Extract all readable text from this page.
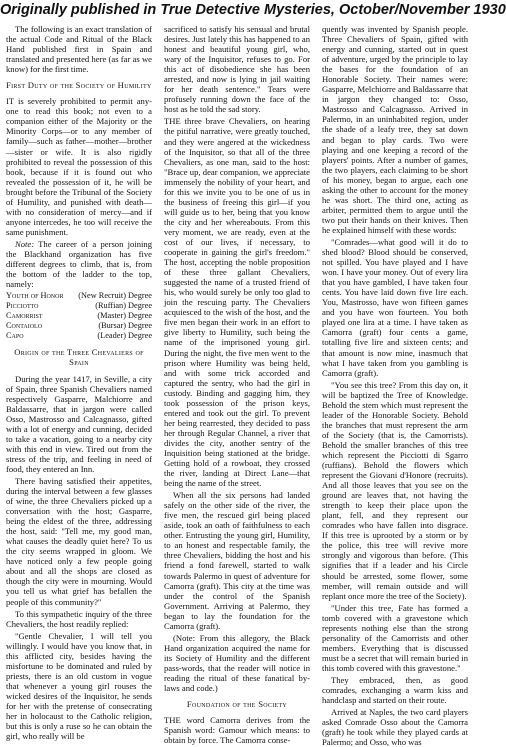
Originally published in True Detective Mysteries, October/November 1930

The following is an exact translation of the actual Code and Ritual of the Black Hand published first in Spain and translated and presented here (as far as we know) for the first time.

First Duty of the Society of Humility

IT is severely prohibited to permit any-one to read this book; not even to a companion either of the Majority or the Minority Corps—or to any member of family—such as father—mother—brother—sister or wife. It is also rigidly prohibited to reveal the possession of this book, because if it is found out who revealed the possession of it, he will be brought before the Tribunal of the Society of Humility, and punished with death—with no consideration of mercy—and if anyone intercedes, he too will receive the same punishment.

Note: The career of a person joining the Blackhand organization has five different degrees to climb, that is, from the bottom of the ladder to the top, namely:

Youth of Honor (New Recruit) Degree
Picciotto	(Ruffian) Degree
Camorrist	(Master) Degree
Contaiolo	(Bursar) Degree
Capo	(Leader) Degree
Origin of the Three Chevaliers of Spain

During the year 1417, in Seville, a city of Spain, three Spanish Chevaliers named respectively Gasparre, Malchiorre and Baldassarre, that in jargon were called Osso, Mastrosso and Calcagnasso, gifted with a lot of energy and cunning, decided to take a vacation, going to a nearby city with this end in view. Tired out from the stress of the trip, and feeling in need of food, they entered an Inn.

There having satisfied their appetites, during the interval between a few glasses of wine, the three Chevaliers picked up a conversation with the host; Gasparre, being the eldest of the three, addressing the host, said: "Tell me, my good man, what causes the deadly quiet here? To us the city seems wrapped in gloom. We have noticed only a few people going about and all the shops are closed as though the city were in mourning. Would you tell us what grief has befallen the people of this community?"

To this sympathetic inquiry of the three Chevaliers, the host readily replied:

"Gentle Chevalier, I will tell you willingly. I would have you know that, in this afflicted city, besides having the misfortune to be dominated and ruled by priests, there is an old custom in vogue that whenever a young girl rouses the wicked desires of the Inquisitor, he sends for her with the pretense of consecrating her in holocaust to the Catholic religion, but this is only a ruse so he can obtain the girl, who really will be

sacrificed to satisfy his sensual and brutal desires. Just lately this has happened to an honest and beautiful young girl, who, wary of the Inquisitor, refuses to go. For this act of disobedience she has been arrested, and now is lying in jail waiting for her death sentence." Tears were profusely running down the face of the host as he told the sad story.

THE three brave Chevaliers, on hearing the pitiful narrative, were greatly touched, and they were angered at the wickedness of the Inquisitor, so that all of the three Chevaliers, as one man, said to the host: "Brace up, dear companion, we appreciate immensely the nobility of your heart, and for this we invite you to be one of us in the business of freeing this girl—if you will guide us to her, being that you know the city and her whereabouts. From this very moment, we are ready, even at the cost of our lives, if necessary, to cooperate in gaining the girl's freedom." The host, accepting the noble proposition of these three gallant Chevaliers, suggested the name of a trusted friend of his, who would surely be only too glad to join the rescuing party. The Chevaliers acquiesced to the wish of the host, and the five men began their work in an effort to give liberty to Humility, such being the name of the imprisoned young girl. During the night, the five men went to the prison where Humility was being held, and with some trick accorded and captured the sentry, who had the girl in custody. Binding and gagging him, they took possession of the prison keys, entered and took out the girl. To prevent her being rearrested, they decided to pass her through Regular Channel, a river that divides the city, another sentry of the Inquisition being stationed at the bridge. Getting hold of a rowboat, they crossed the river, landing at Direct Lane—that being the name of the street.

When all the six persons had landed safely on the other side of the river, the five men, the rescued girl being placed aside, took an oath of faithfulness to each other. Entrusting the young girl, Humility, to an honest and respectable family, the three Chevaliers, bidding the host and his friend a fond farewell, started to walk towards Palermo in quest of adventure for Camorra (graft). This city at the time was under the control of the Spanish Government. Arriving at Palermo, they began to lay the foundation for the Camorra (graft).

(Note: From this allegory, the Black Hand organization acquired the name for its Society of Humility and the different pass-words, that the reader will notice in reading the ritual of these fanatical by-laws and code.)

Foundation of the Society

THE word Camorra derives from the Spanish word: Gamour which means: to obtain by force. The Camorra conse-

quently was invented by Spanish people. Three Chevaliers of Spain, gifted with energy and cunning, started out in quest of adventure, urged by the principle to lay the bases for the foundation of an Honorable Society. Their names were: Gasparre, Melchiorre and Baldassarre that in jargon they changed to: Osso, Mastrosso and Calcagnasso. Arrived in Palermo, in an uninhabited region, under the shade of a leafy tree, they sat down and began to play cards. Two were playing and one keeping a record of the players' points. After a number of games, the two players, each claiming to be short of his money, began to argue, each one asking the other to account for the money he was short. The third one, acting as arbiter, permitted them to argue until the two put their hands on their knives. Then he explained himself with these words:

"Comrades—what good will it do to shed blood? Blood should be conserved, not spilled. You have played and I have won. I have your money. Out of every lira that you have gambled, I have taken four cents. You have laid down five lire each. You, Mastrosso, have won fifteen games and you have won fourteen. You both played one lira at a time. I have taken as Camorra (graft) four cents a game, totalling five lire and sixteen cents; and that amount is now mine, inasmuch that what I have taken from you gambling is Camorra (graft).

"You see this tree? From this day on, it will be baptized the Tree of Knowledge. Behold the stem which must represent the leader of the Honorable Society. Behold the branches that must represent the arm of the Society (that is, the Camorrists). Behold the smaller branches of this tree which represent the Picciotti di Sgarro (ruffians). Behold the flowers which represent the Giovani d'Honore (recruits). And all those leaves that you see on the ground are leaves that, not having the strength to keep their place upon the plant, fell, and they represent our comrades who have fallen into disgrace. If this tree is uprooted by a storm or by the police, this tree will revive more strongly and vigorous than before. (This signifies that if a leader and his Circle should be arrested, some flower, some member, will remain outside and will replant once more the tree of the Society).

"Under this tree, Fate has formed a tomb covered with a gravestone which represents nothing else than the strong personality of the Camorrists and other members. Everything that is discussed must be a secret that will remain buried in this tomb covered with this gravestone."

They embraced, then, as good comrades, exchanging a warm kiss and handclasp and started on their route.

Arrived at Naples, the two card players asked Comrade Osso about the Camorra (graft) he took while they played cards at Palermo; and Osso, who was
